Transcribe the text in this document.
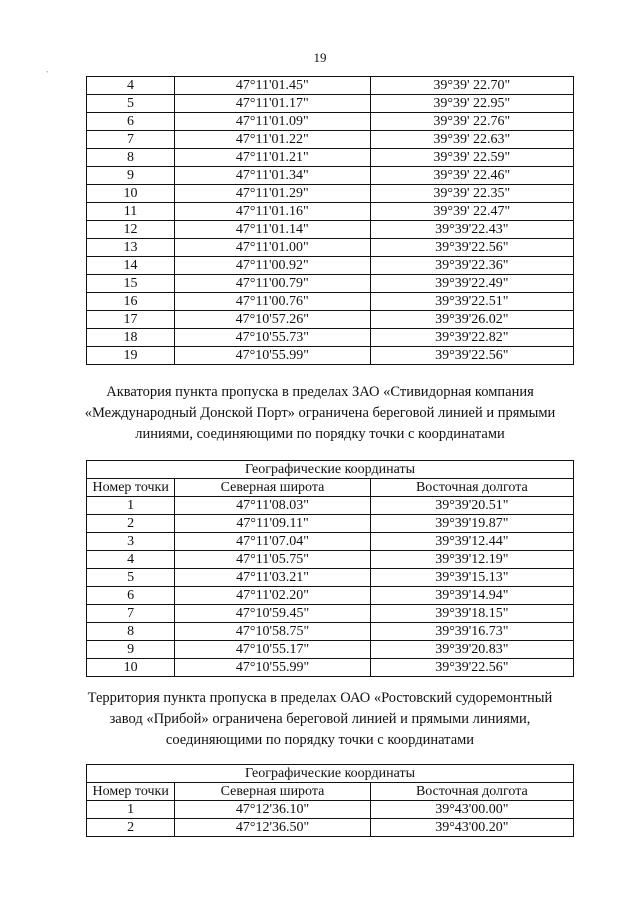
19
`
4	47°11'01.45"	39°39' 22.70"
5	47°11'01.17"	39°39' 22.95"
6	47°11'01.09"	39°39' 22.76"
7	47°11'01.22"	39°39' 22.63"
8	47°11'01.21"	39°39' 22.59"
9	47°11'01.34"	39°39' 22.46"
10	47°11'01.29"	39°39' 22.35"
11	47°11'01.16"	39°39' 22.47"
12	47°11'01.14"	39°39'22.43"
13	47°11'01.00"	39°39'22.56"
14	47°11'00.92"	39°39'22.36"
15	47°11'00.79"	39°39'22.49"
16	47°11'00.76"	39°39'22.51"
17	47°10'57.26"	39°39'26.02"
18	47°10'55.73"	39°39'22.82"
19	47°10'55.99"	39°39'22.56"
Акватория пункта пропуска в пределах ЗАО «Стивидорная компания
«Международный Донской Порт» ограничена береговой линией и прямыми
линиями, соединяющими по порядку точки с координатами
Географические координаты		
Номер точки	Северная широта	Восточная долгота
1	47°11'08.03"	39°39'20.51"
2	47°11'09.11"	39°39'19.87"
3	47°11'07.04"	39°39'12.44"
4	47°11'05.75"	39°39'12.19"
5	47°11'03.21"	39°39'15.13"
6	47°11'02.20"	39°39'14.94"
7	47°10'59.45"	39°39'18.15"
8	47°10'58.75"	39°39'16.73"
9	47°10'55.17"	39°39'20.83"
10	47°10'55.99"	39°39'22.56"
Территория пункта пропуска в пределах ОАО «Ростовский судоремонтный
завод «Прибой» ограничена береговой линией и прямыми линиями,
соединяющими по порядку точки с координатами
Географические координаты		
Номер точки	Северная широта	Восточная долгота
1	47°12'36.10"	39°43'00.00"
2	47°12'36.50"	39°43'00.20"
